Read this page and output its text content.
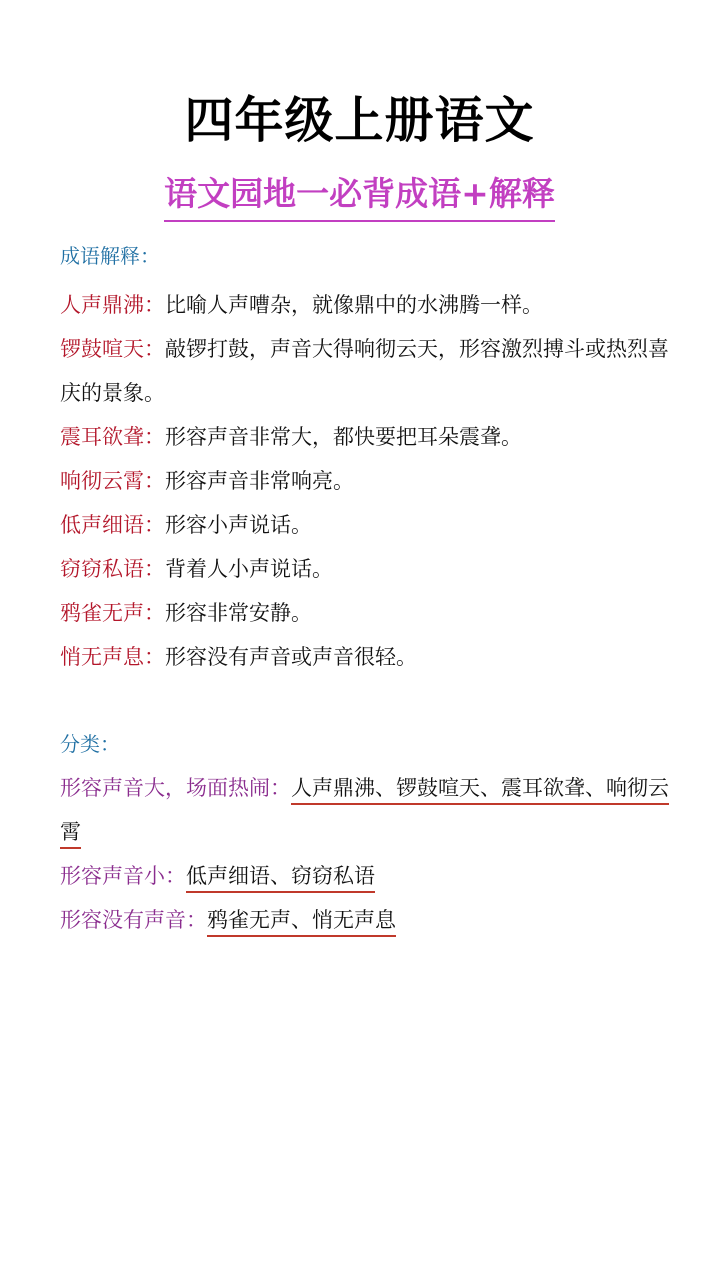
四年级上册语文
语文园地一必背成语+解释
成语解释：
人声鼎沸：比喻人声嘈杂，就像鼎中的水沸腾一样。
锣鼓喧天：敲锣打鼓，声音大得响彻云天，形容激烈搏斗或热烈喜庆的景象。
震耳欲聋：形容声音非常大，都快要把耳朵震聋。
响彻云霄：形容声音非常响亮。
低声细语：形容小声说话。
窃窃私语：背着人小声说话。
鸦雀无声：形容非常安静。
悄无声息：形容没有声音或声音很轻。
分类：
形容声音大，场面热闹：人声鼎沸、锣鼓喧天、震耳欲聋、响彻云霄
形容声音小：低声细语、窃窃私语
形容没有声音：鸦雀无声、悄无声息
